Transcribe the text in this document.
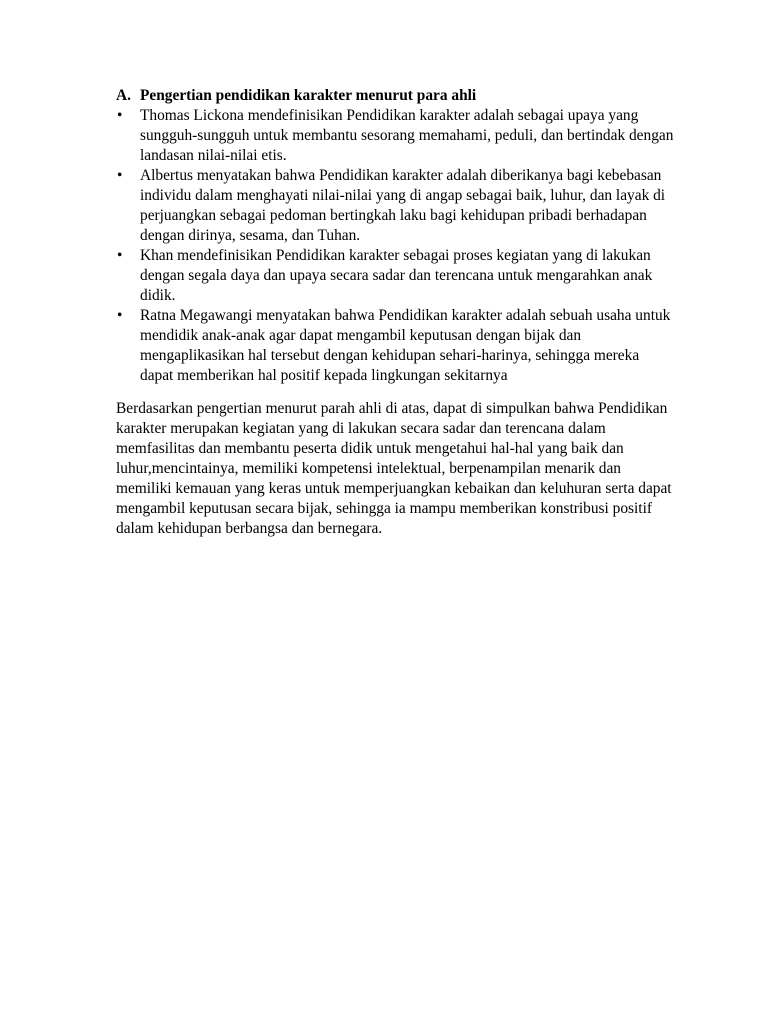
A. Pengertian pendidikan karakter menurut para ahli
•	Thomas Lickona mendefinisikan Pendidikan karakter adalah sebagai upaya yang sungguh-sungguh untuk membantu sesorang memahami, peduli, dan bertindak dengan landasan nilai-nilai etis.
•	Albertus menyatakan bahwa Pendidikan karakter adalah diberikanya bagi kebebasan individu dalam menghayati nilai-nilai yang di angap sebagai baik, luhur, dan layak di perjuangkan sebagai pedoman bertingkah laku bagi kehidupan pribadi berhadapan dengan dirinya, sesama, dan Tuhan.
•	Khan mendefinisikan Pendidikan karakter sebagai proses kegiatan yang di lakukan dengan segala daya dan upaya secara sadar dan terencana untuk mengarahkan anak didik.
•	Ratna Megawangi menyatakan bahwa Pendidikan karakter adalah sebuah usaha untuk mendidik anak-anak agar dapat mengambil keputusan dengan bijak dan mengaplikasikan hal tersebut dengan kehidupan sehari-harinya, sehingga mereka dapat memberikan hal positif kepada lingkungan sekitarnya

Berdasarkan pengertian menurut parah ahli di atas, dapat di simpulkan bahwa Pendidikan karakter merupakan kegiatan yang di lakukan secara sadar dan terencana dalam memfasilitas dan membantu peserta didik untuk mengetahui hal-hal yang baik dan luhur,mencintainya, memiliki kompetensi intelektual, berpenampilan menarik dan memiliki kemauan yang keras untuk memperjuangkan kebaikan dan keluhuran serta dapat mengambil keputusan secara bijak, sehingga ia mampu memberikan konstribusi positif dalam kehidupan berbangsa dan bernegara.
